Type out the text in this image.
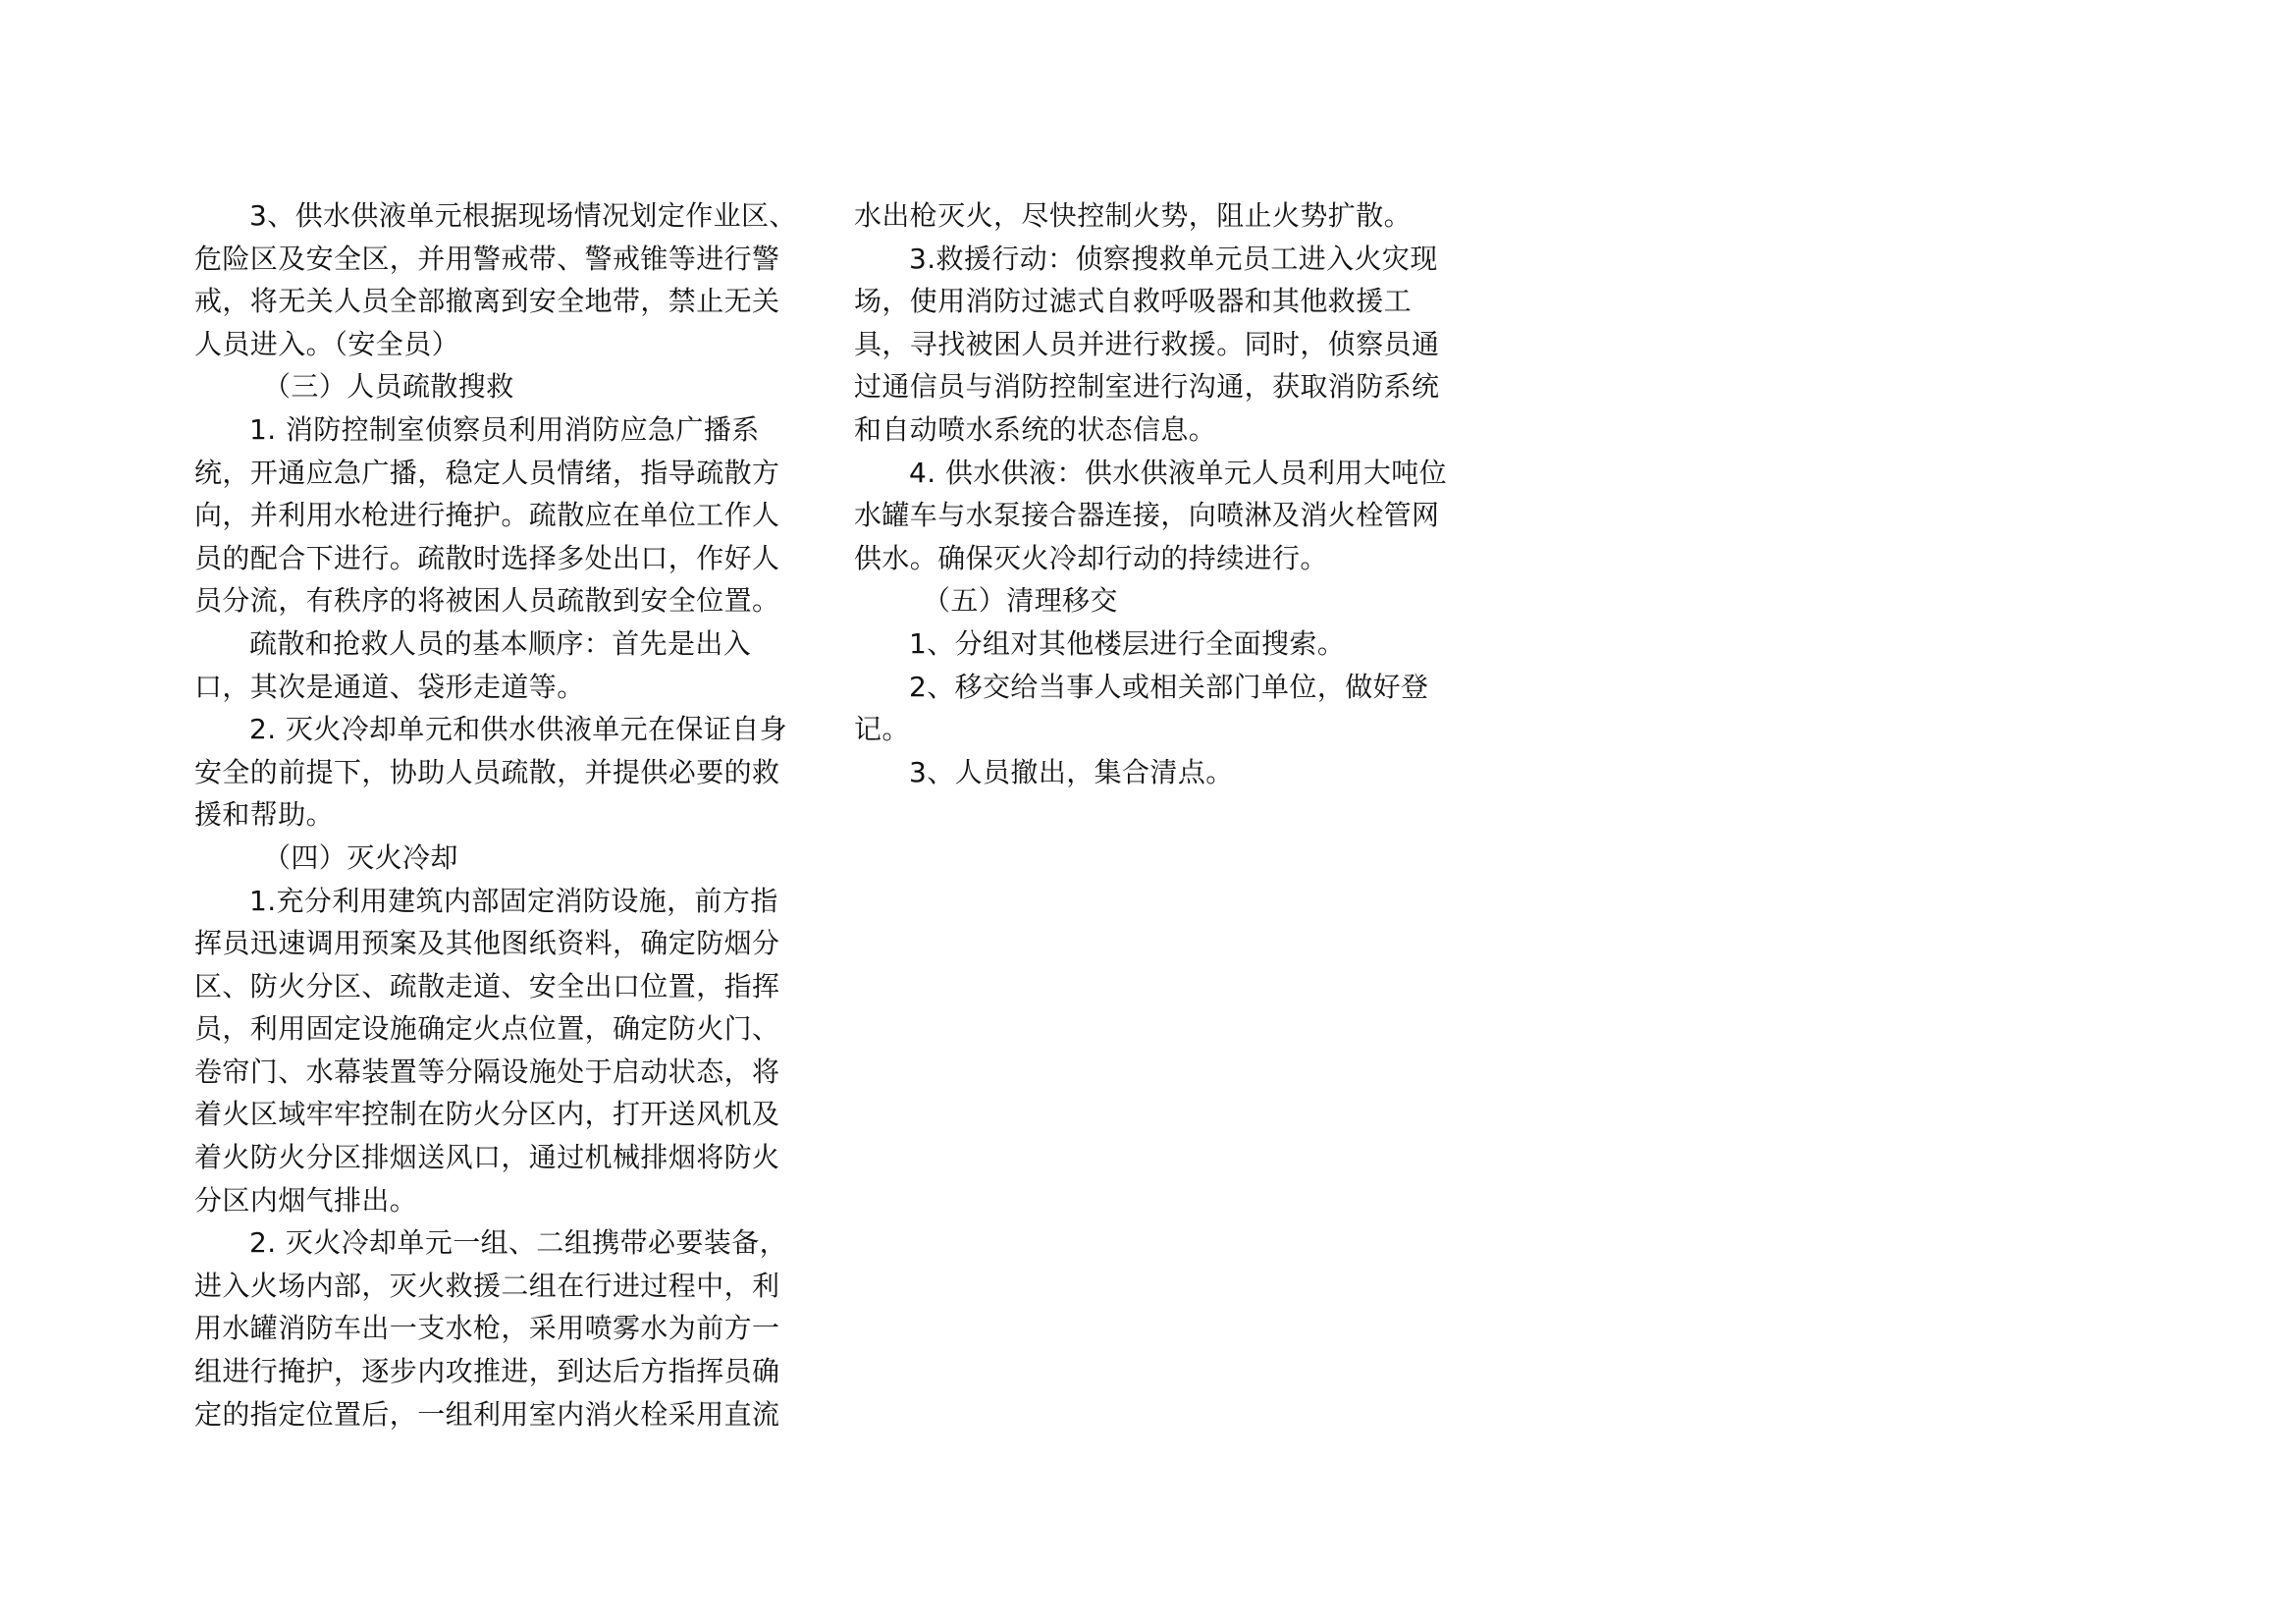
3、供水供液单元根据现场情况划定作业区、
危险区及安全区，并用警戒带、警戒锥等进行警
戒，将无关人员全部撤离到安全地带，禁止无关
人员进入。（安全员）
（三）人员疏散搜救
1. 消防控制室侦察员利用消防应急广播系
统，开通应急广播，稳定人员情绪，指导疏散方
向，并利用水枪进行掩护。疏散应在单位工作人
员的配合下进行。疏散时选择多处出口，作好人
员分流，有秩序的将被困人员疏散到安全位置。
疏散和抢救人员的基本顺序：首先是出入
口，其次是通道、袋形走道等。
2. 灭火冷却单元和供水供液单元在保证自身
安全的前提下，协助人员疏散，并提供必要的救
援和帮助。
（四）灭火冷却
1.充分利用建筑内部固定消防设施，前方指
挥员迅速调用预案及其他图纸资料，确定防烟分
区、防火分区、疏散走道、安全出口位置，指挥
员，利用固定设施确定火点位置，确定防火门、
卷帘门、水幕装置等分隔设施处于启动状态，将
着火区域牢牢控制在防火分区内，打开送风机及
着火防火分区排烟送风口，通过机械排烟将防火
分区内烟气排出。
2. 灭火冷却单元一组、二组携带必要装备，
进入火场内部，灭火救援二组在行进过程中，利
用水罐消防车出一支水枪，采用喷雾水为前方一
组进行掩护，逐步内攻推进，到达后方指挥员确
定的指定位置后，一组利用室内消火栓采用直流
水出枪灭火，尽快控制火势，阻止火势扩散。
3.救援行动：侦察搜救单元员工进入火灾现
场，使用消防过滤式自救呼吸器和其他救援工
具，寻找被困人员并进行救援。同时，侦察员通
过通信员与消防控制室进行沟通，获取消防系统
和自动喷水系统的状态信息。
4. 供水供液：供水供液单元人员利用大吨位
水罐车与水泵接合器连接，向喷淋及消火栓管网
供水。确保灭火冷却行动的持续进行。
（五）清理移交
1、分组对其他楼层进行全面搜索。
2、移交给当事人或相关部门单位，做好登
记。
3、人员撤出，集合清点。
